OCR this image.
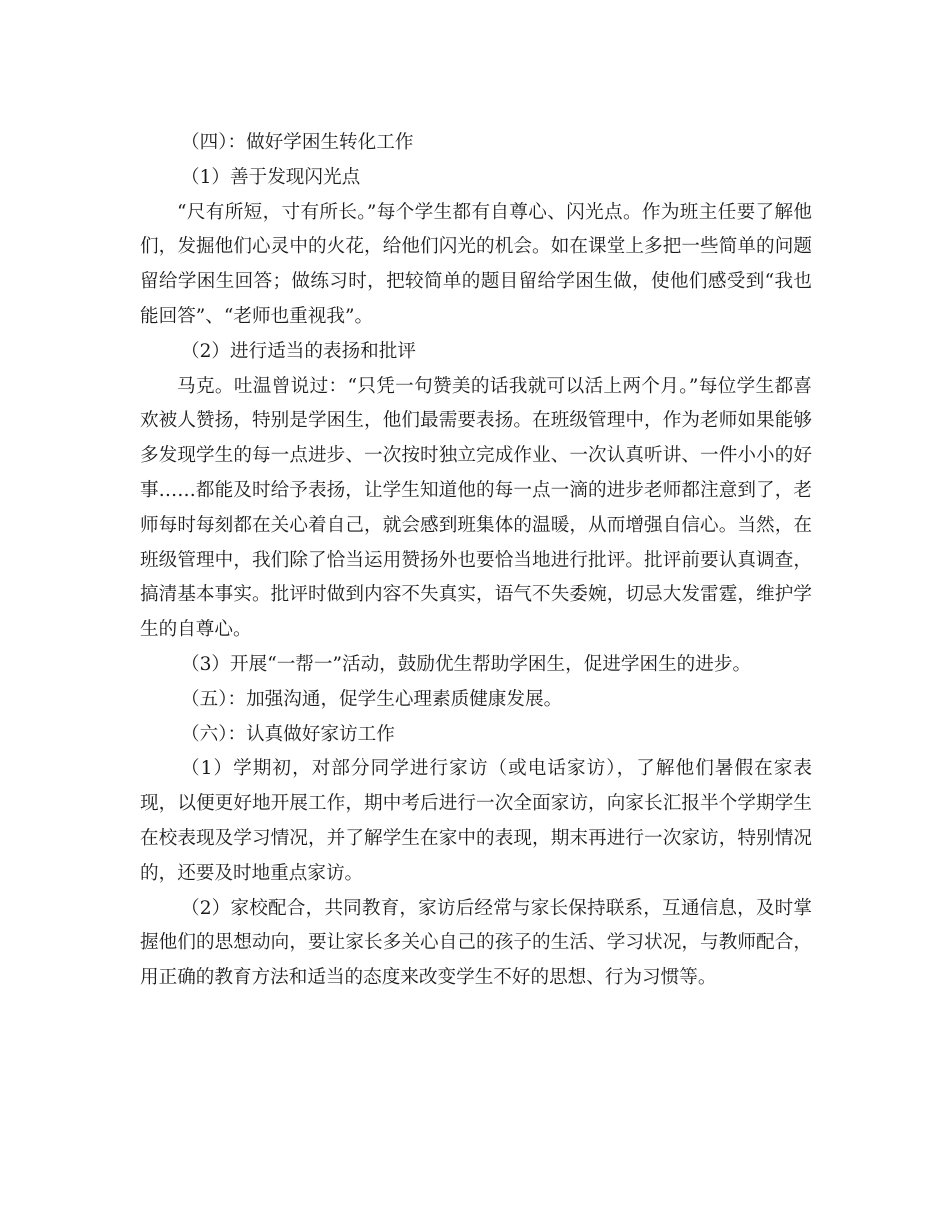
（四）：做好学困生转化工作

（1）善于发现闪光点

“尺有所短，寸有所长。”每个学生都有自尊心、闪光点。作为班主任要了解他

们，发掘他们心灵中的火花，给他们闪光的机会。如在课堂上多把一些简单的问题

留给学困生回答；做练习时，把较简单的题目留给学困生做，使他们感受到“我也

能回答”、“老师也重视我”。

（2）进行适当的表扬和批评

马克。吐温曾说过：“只凭一句赞美的话我就可以活上两个月。”每位学生都喜

欢被人赞扬，特别是学困生，他们最需要表扬。在班级管理中，作为老师如果能够

多发现学生的每一点进步、一次按时独立完成作业、一次认真听讲、一件小小的好

事……都能及时给予表扬，让学生知道他的每一点一滴的进步老师都注意到了，老

师每时每刻都在关心着自己，就会感到班集体的温暖，从而增强自信心。当然，在

班级管理中，我们除了恰当运用赞扬外也要恰当地进行批评。批评前要认真调查，

搞清基本事实。批评时做到内容不失真实，语气不失委婉，切忌大发雷霆，维护学

生的自尊心。

（3）开展“一帮一”活动，鼓励优生帮助学困生，促进学困生的进步。

（五）：加强沟通，促学生心理素质健康发展。

（六）：认真做好家访工作

（1）学期初，对部分同学进行家访（或电话家访），了解他们暑假在家表

现，以便更好地开展工作，期中考后进行一次全面家访，向家长汇报半个学期学生

在校表现及学习情况，并了解学生在家中的表现，期末再进行一次家访，特别情况

的，还要及时地重点家访。

（2）家校配合，共同教育，家访后经常与家长保持联系，互通信息，及时掌

握他们的思想动向，要让家长多关心自己的孩子的生活、学习状况，与教师配合，

用正确的教育方法和适当的态度来改变学生不好的思想、行为习惯等。
